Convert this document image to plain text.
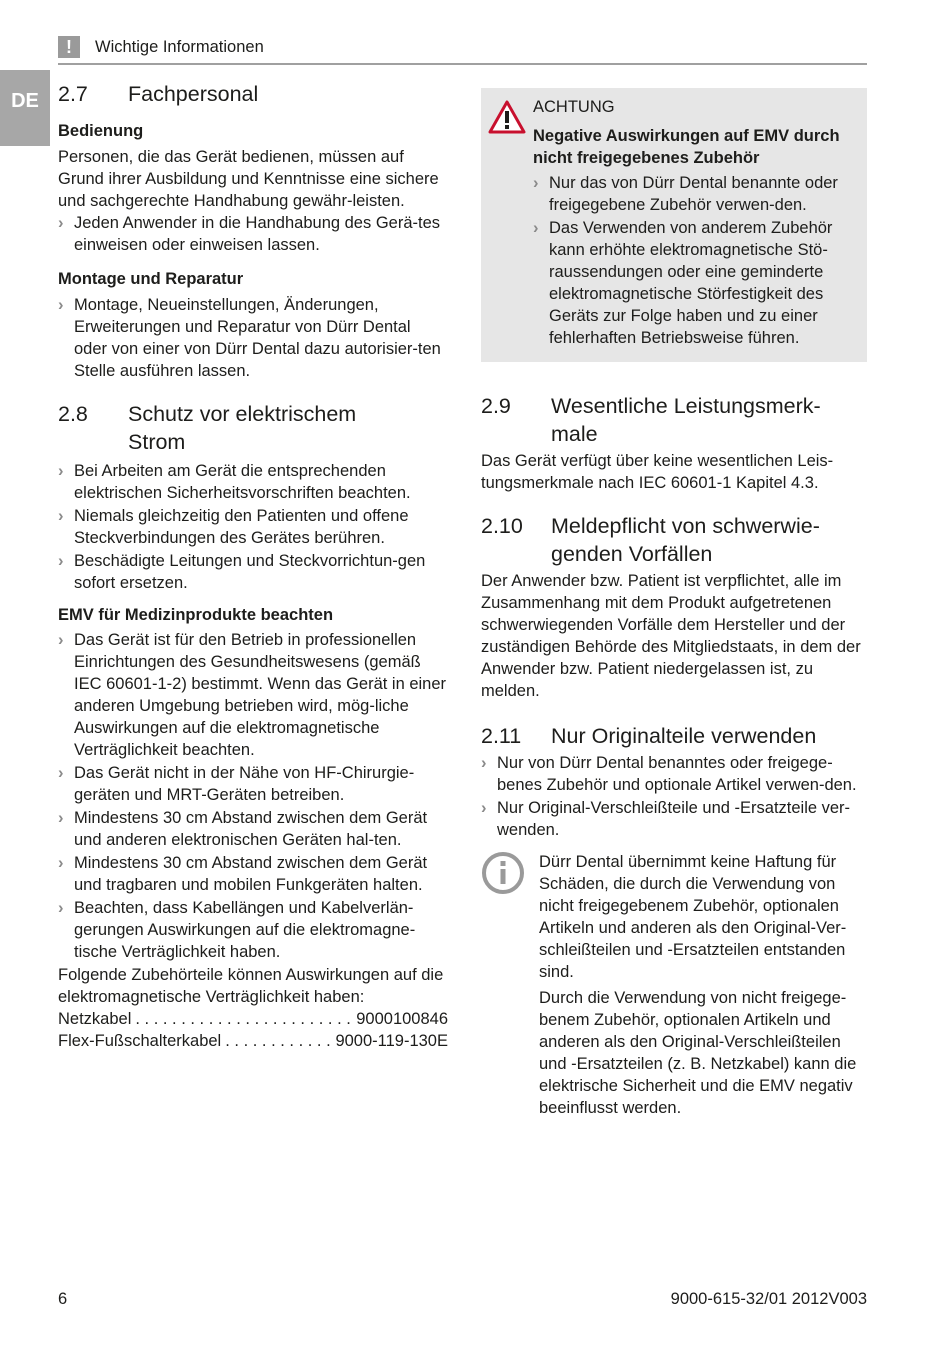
!	Wichtige Informationen
DE 2.7	Fachpersonal
Bedienung

Personen, die das Gerät bedienen, müssen auf Grund ihrer Ausbildung und Kenntnisse eine sichere und sachgerechte Handhabung gewähr-leisten.

› Jeden Anwender in die Handhabung des Gerä-tes einweisen oder einweisen lassen.
Montage und Reparatur
› Montage, Neueinstellungen, Änderungen, Erweiterungen und Reparatur von Dürr Dental oder von einer von Dürr Dental dazu autorisier-ten Stelle ausführen lassen.
2.8	Schutz vor elektrischem
Strom
› Bei Arbeiten am Gerät die entsprechenden elektrischen Sicherheitsvorschriften beachten.
› Niemals gleichzeitig den Patienten und offene Steckverbindungen des Gerätes berühren.
› Beschädigte Leitungen und Steckvorrichtun-gen sofort ersetzen.
EMV für Medizinprodukte beachten
› Das Gerät ist für den Betrieb in professionellen Einrichtungen des Gesundheitswesens (gemäß IEC 60601-1-2) bestimmt. Wenn das Gerät in einer anderen Umgebung betrieben wird, mög-liche Auswirkungen auf die elektromagnetische Verträglichkeit beachten.
› Das Gerät nicht in der Nähe von HF-Chirurgie-geräten und MRT-Geräten betreiben.
› Mindestens 30 cm Abstand zwischen dem Gerät und anderen elektronischen Geräten hal-ten.
› Mindestens 30 cm Abstand zwischen dem Gerät und tragbaren und mobilen Funkgeräten halten.
› Beachten, dass Kabellängen und Kabelverlän-gerungen Auswirkungen auf die elektromagne-tische Verträglichkeit haben.

Folgende Zubehörteile können Auswirkungen auf die elektromagnetische Verträglichkeit haben:

Netzkabel . . .	9000100846
Flex-Fußschalterkabel . . .	9000-119-130E
ACHTUNG
Negative Auswirkungen auf EMV durch nicht freigegebenes Zubehör
› Nur das von Dürr Dental benannte oder freigegebene Zubehör verwen-den.
› Das Verwenden von anderem Zubehör kann erhöhte elektromagnetische Stö-raussendungen oder eine geminderte elektromagnetische Störfestigkeit des Geräts zur Folge haben und zu einer fehlerhaften Betriebsweise führen.
2.9	Wesentliche Leistungsmerk-
male

Das Gerät verfügt über keine wesentlichen Leis-tungsmerkmale nach IEC 60601-1 Kapitel 4.3.

2.10	Meldepflicht von schwerwie-
genden Vorfällen

Der Anwender bzw. Patient ist verpflichtet, alle im Zusammenhang mit dem Produkt aufgetretenen schwerwiegenden Vorfälle dem Hersteller und der zuständigen Behörde des Mitgliedstaats, in dem der Anwender bzw. Patient niedergelassen ist, zu melden.

2.11	Nur Originalteile verwenden
› Nur von Dürr Dental benanntes oder freigege-benes Zubehör und optionale Artikel verwen-den.
› Nur Original-Verschleißteile und -Ersatzteile ver-wenden.

Dürr Dental übernimmt keine Haftung für Schäden, die durch die Verwendung von nicht freigegebenem Zubehör, optionalen Artikeln und anderen als den Original-Ver-schleißteilen und -Ersatzteilen entstanden sind.

Durch die Verwendung von nicht freigege-benem Zubehör, optionalen Artikeln und anderen als den Original-Verschleißteilen und -Ersatzteilen (z. B. Netzkabel) kann die elektrische Sicherheit und die EMV negativ beeinflusst werden.

6	9000-615-32/01 2012V003
